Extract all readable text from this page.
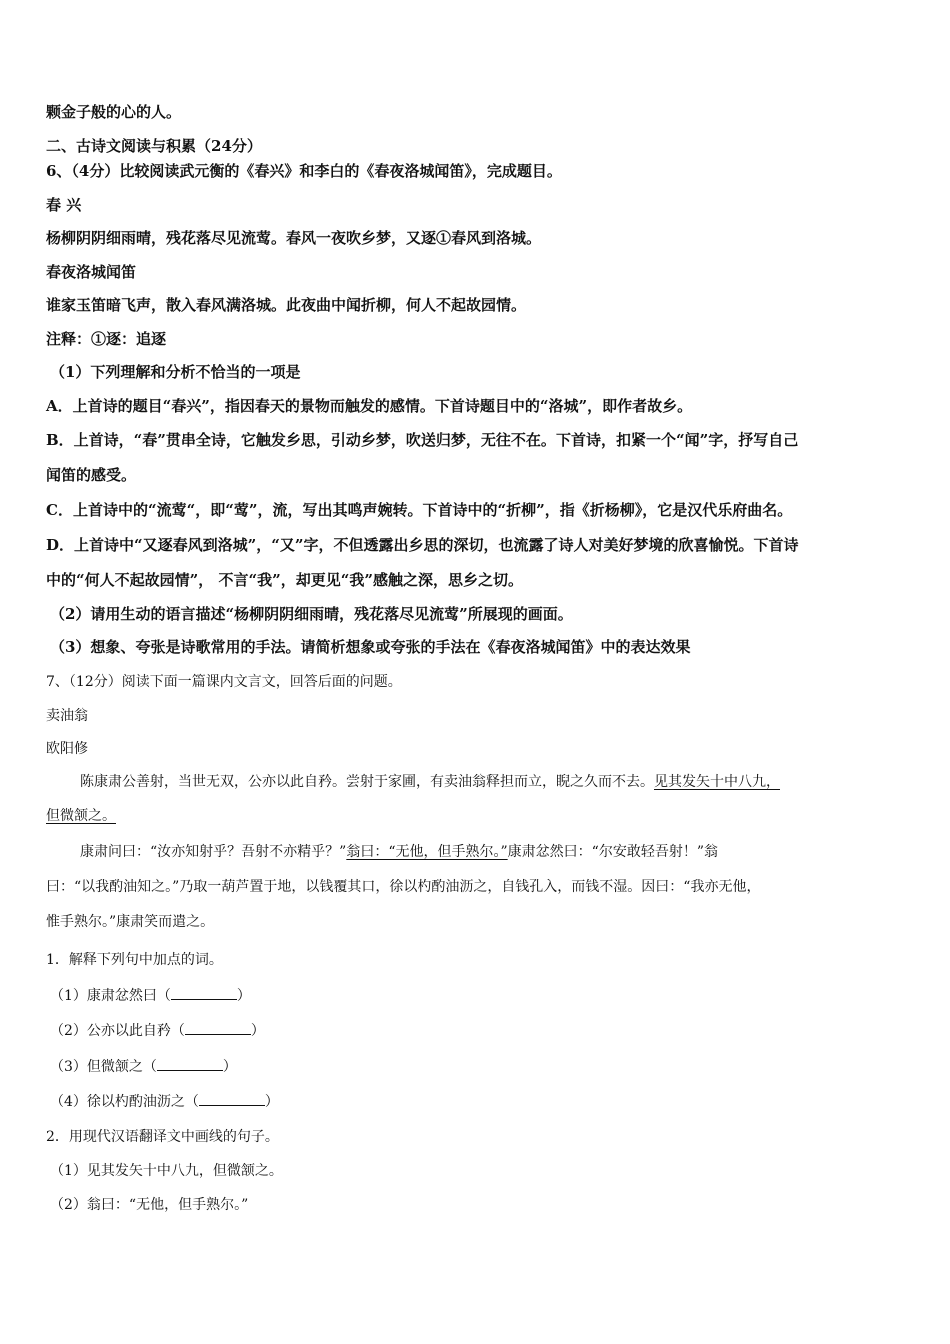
颗金子般的心的人。
二、古诗文阅读与积累（24分）
6、（4分）比较阅读武元衡的《春兴》和李白的《春夜洛城闻笛》，完成题目。
春 兴
杨柳阴阴细雨晴，残花落尽见流莺。春风一夜吹乡梦，又逐①春风到洛城。
春夜洛城闻笛
谁家玉笛暗飞声，散入春风满洛城。此夜曲中闻折柳，何人不起故园情。
注释：①逐：追逐
（1）下列理解和分析不恰当的一项是
A．上首诗的题目“春兴”，指因春天的景物而触发的感情。下首诗题目中的“洛城”，即作者故乡。
B．上首诗，“春”贯串全诗，它触发乡思，引动乡梦，吹送归梦，无往不在。下首诗，扣紧一个“闻”字，抒写自己
闻笛的感受。
C．上首诗中的“流莺“，即“莺”，流，写出其鸣声婉转。下首诗中的“折柳”，指《折杨柳》，它是汉代乐府曲名。
D．上首诗中“又逐春风到洛城”，“又”字，不但透露出乡思的深切，也流露了诗人对美好梦境的欣喜愉悦。下首诗
中的“何人不起故园情”， 不言“我”，却更见“我”感触之深，思乡之切。
（2）请用生动的语言描述“杨柳阴阴细雨晴，残花落尽见流莺”所展现的画面。
（3）想象、夸张是诗歌常用的手法。请简析想象或夸张的手法在《春夜洛城闻笛》中的表达效果
7、（12分）阅读下面一篇课内文言文，回答后面的问题。
卖油翁
欧阳修
陈康肃公善射，当世无双，公亦以此自矜。尝射于家圃，有卖油翁释担而立，睨之久而不去。见其发矢十中八九，
但微颔之。
康肃问曰：“汝亦知射乎？吾射不亦精乎？”翁曰：“无他，但手熟尔。”康肃忿然曰：“尔安敢轻吾射！”翁
曰：“以我酌油知之。”乃取一葫芦置于地，以钱覆其口，徐以杓酌油沥之，自钱孔入，而钱不湿。因曰：“我亦无他，
惟手熟尔。”康肃笑而遣之。
1．解释下列句中加点的词。
（1）康肃忿然曰（	）
（2）公亦以此自矜（	）
（3）但微颔之（	）
（4）徐以杓酌油沥之（	）
2．用现代汉语翻译文中画线的句子。
（1）见其发矢十中八九，但微颔之。
（2）翁曰：“无他，但手熟尔。”
